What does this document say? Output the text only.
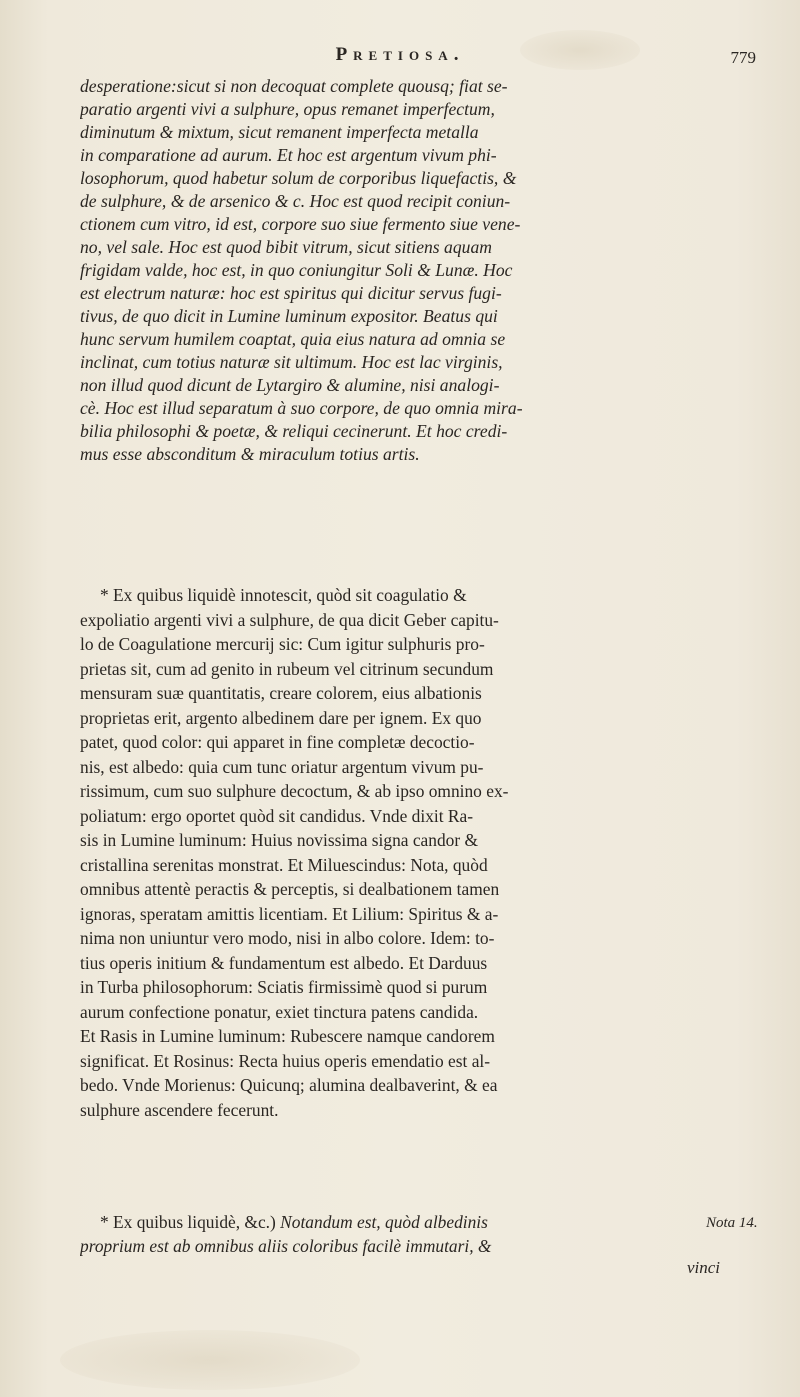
Pretiosa.	779
desperatione:sicut si non decoquat complete quousq; fiat se-
paratio argenti vivi a sulphure, opus remanet imperfectum,
diminutum & mixtum, sicut remanent imperfecta metalla
in comparatione ad aurum. Et hoc est argentum vivum phi-
losophorum, quod habetur solum de corporibus liquefactis, &
de sulphure, & de arsenico & c. Hoc est quod recipit coniun-
ctionem cum vitro, id est, corpore suo siue fermento siue vene-
no, vel sale. Hoc est quod bibit vitrum, sicut sitiens aquam
frigidam valde, hoc est, in quo coniungitur Soli & Lunæ. Hoc
est electrum naturæ: hoc est spiritus qui dicitur servus fugi-
tivus, de quo dicit in Lumine luminum expositor. Beatus qui
hunc servum humilem coaptat, quia eius natura ad omnia se
inclinat, cum totius naturæ sit ultimum. Hoc est lac virginis,
non illud quod dicunt de Lytargiro & alumine, nisi analogi-
cè. Hoc est illud separatum à suo corpore, de quo omnia mira-
bilia philosophi & poetæ, & reliqui cecinerunt. Et hoc credi-
mus esse absconditum & miraculum totius artis.
* Ex quibus liquidè innotescit, quòd sit coagulatio &
expoliatio argenti vivi a sulphure, de qua dicit Geber capitu-
lo de Coagulatione mercurij sic: Cum igitur sulphuris pro-
prietas sit, cum ad genito in rubeum vel citrinum secundum
mensuram suæ quantitatis, creare colorem, eius albationis
proprietas erit, argento albedinem dare per ignem. Ex quo
patet, quod color: qui apparet in fine completæ decoctio-
nis, est albedo: quia cum tunc oriatur argentum vivum pu-
rissimum, cum suo sulphure decoctum, & ab ipso omnino ex-
poliatum: ergo oportet quòd sit candidus. Vnde dixit Ra-
sis in Lumine luminum: Huius novissima signa candor &
cristallina serenitas monstrat. Et Miluescindus: Nota, quòd
omnibus attentè peractis & perceptis, si dealbationem tamen
ignoras, speratam amittis licentiam. Et Lilium: Spiritus & a-
nima non uniuntur vero modo, nisi in albo colore. Idem: to-
tius operis initium & fundamentum est albedo. Et Darduus
in Turba philosophorum: Sciatis firmissimè quod si purum
aurum confectione ponatur, exiet tinctura patens candida.
Et Rasis in Lumine luminum: Rubescere namque candorem
significat. Et Rosinus: Recta huius operis emendatio est al-
bedo. Vnde Morienus: Quicunq; alumina dealbaverint, & ea
sulphure ascendere fecerunt.
* Ex quibus liquidè, &c.) Notandum est, quòd albedinis
proprium est ab omnibus aliis coloribus facilè immutari, &
Nota 14.
vinci
